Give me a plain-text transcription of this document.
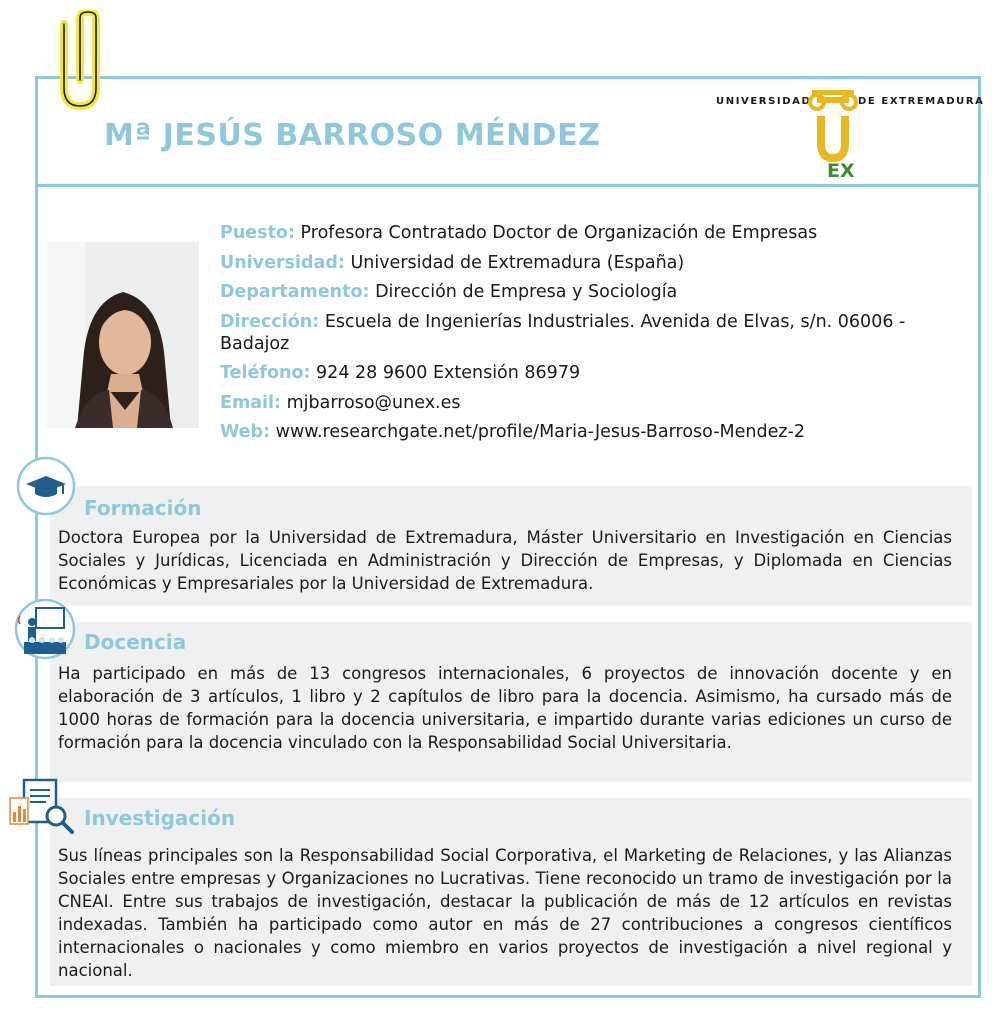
Mª JESÚS BARROSO MÉNDEZ
UNIVERSIDAD	DE EXTREMADURA
EX
Puesto: Profesora Contratado Doctor de Organización de Empresas
Universidad: Universidad de Extremadura (España)
Departamento: Dirección de Empresa y Sociología
Dirección: Escuela de Ingenierías Industriales. Avenida de Elvas, s/n. 06006 - Badajoz
Teléfono: 924 28 9600 Extensión 86979
Email: mjbarroso@unex.es
Web: www.researchgate.net/profile/Maria-Jesus-Barroso-Mendez-2
Formación
Doctora Europea por la Universidad de Extremadura, Máster Universitario en Investigación en Ciencias Sociales y Jurídicas, Licenciada en Administración y Dirección de Empresas, y Diplomada en Ciencias Económicas y Empresariales por la Universidad de Extremadura.
Docencia
Ha participado en más de 13 congresos internacionales, 6 proyectos de innovación docente y en elaboración de 3 artículos, 1 libro y 2 capítulos de libro para la docencia. Asimismo, ha cursado más de 1000 horas de formación para la docencia universitaria, e impartido durante varias ediciones un curso de formación para la docencia vinculado con la Responsabilidad Social Universitaria.
Investigación
Sus líneas principales son la Responsabilidad Social Corporativa, el Marketing de Relaciones, y las Alianzas Sociales entre empresas y Organizaciones no Lucrativas. Tiene reconocido un tramo de investigación por la CNEAI. Entre sus trabajos de investigación, destacar la publicación de más de 12 artículos en revistas indexadas. También ha participado como autor en más de 27 contribuciones a congresos científicos internacionales o nacionales y como miembro en varios proyectos de investigación a nivel regional y nacional.
